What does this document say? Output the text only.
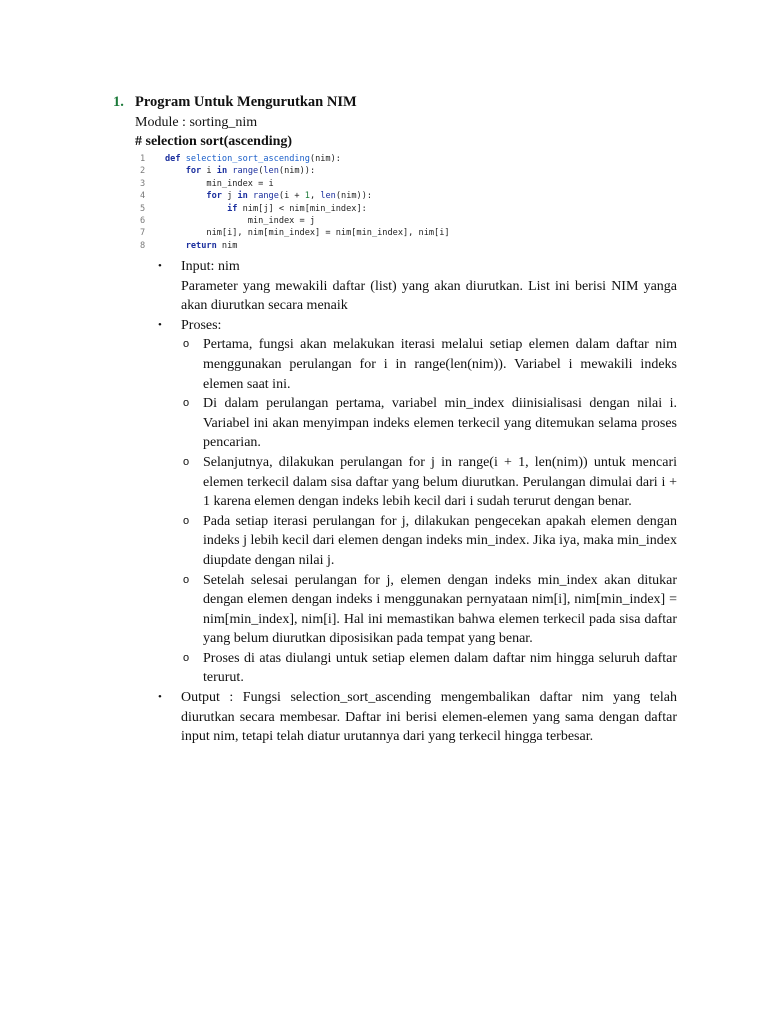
1. Program Untuk Mengurutkan NIM
Module : sorting_nim
# selection sort(ascending)
1 def selection_sort_ascending(nim):
2	for i in range(len(nim)):
3        min_index = i
4	for j in range(i + 1, len(nim)):
5	if nim[j] < nim[min_index]:
6                min_index = j
7        nim[i], nim[min_index] = nim[min_index], nim[i]
8	return nim
• Input: nim
Parameter yang mewakili daftar (list) yang akan diurutkan. List ini berisi NIM yanga akan diurutkan secara menaik
• Proses:
o Pertama, fungsi akan melakukan iterasi melalui setiap elemen dalam daftar nim menggunakan perulangan for i in range(len(nim)). Variabel i mewakili indeks elemen saat ini.
o Di dalam perulangan pertama, variabel min_index diinisialisasi dengan nilai i. Variabel ini akan menyimpan indeks elemen terkecil yang ditemukan selama proses pencarian.
o Selanjutnya, dilakukan perulangan for j in range(i + 1, len(nim)) untuk mencari elemen terkecil dalam sisa daftar yang belum diurutkan. Perulangan dimulai dari i + 1 karena elemen dengan indeks lebih kecil dari i sudah terurut dengan benar.
o Pada setiap iterasi perulangan for j, dilakukan pengecekan apakah elemen dengan indeks j lebih kecil dari elemen dengan indeks min_index. Jika iya, maka min_index diupdate dengan nilai j.
o Setelah selesai perulangan for j, elemen dengan indeks min_index akan ditukar dengan elemen dengan indeks i menggunakan pernyataan nim[i], nim[min_index] = nim[min_index], nim[i]. Hal ini memastikan bahwa elemen terkecil pada sisa daftar yang belum diurutkan diposisikan pada tempat yang benar.
o Proses di atas diulangi untuk setiap elemen dalam daftar nim hingga seluruh daftar terurut.
• Output : Fungsi selection_sort_ascending mengembalikan daftar nim yang telah diurutkan secara membesar. Daftar ini berisi elemen-elemen yang sama dengan daftar input nim, tetapi telah diatur urutannya dari yang terkecil hingga terbesar.
